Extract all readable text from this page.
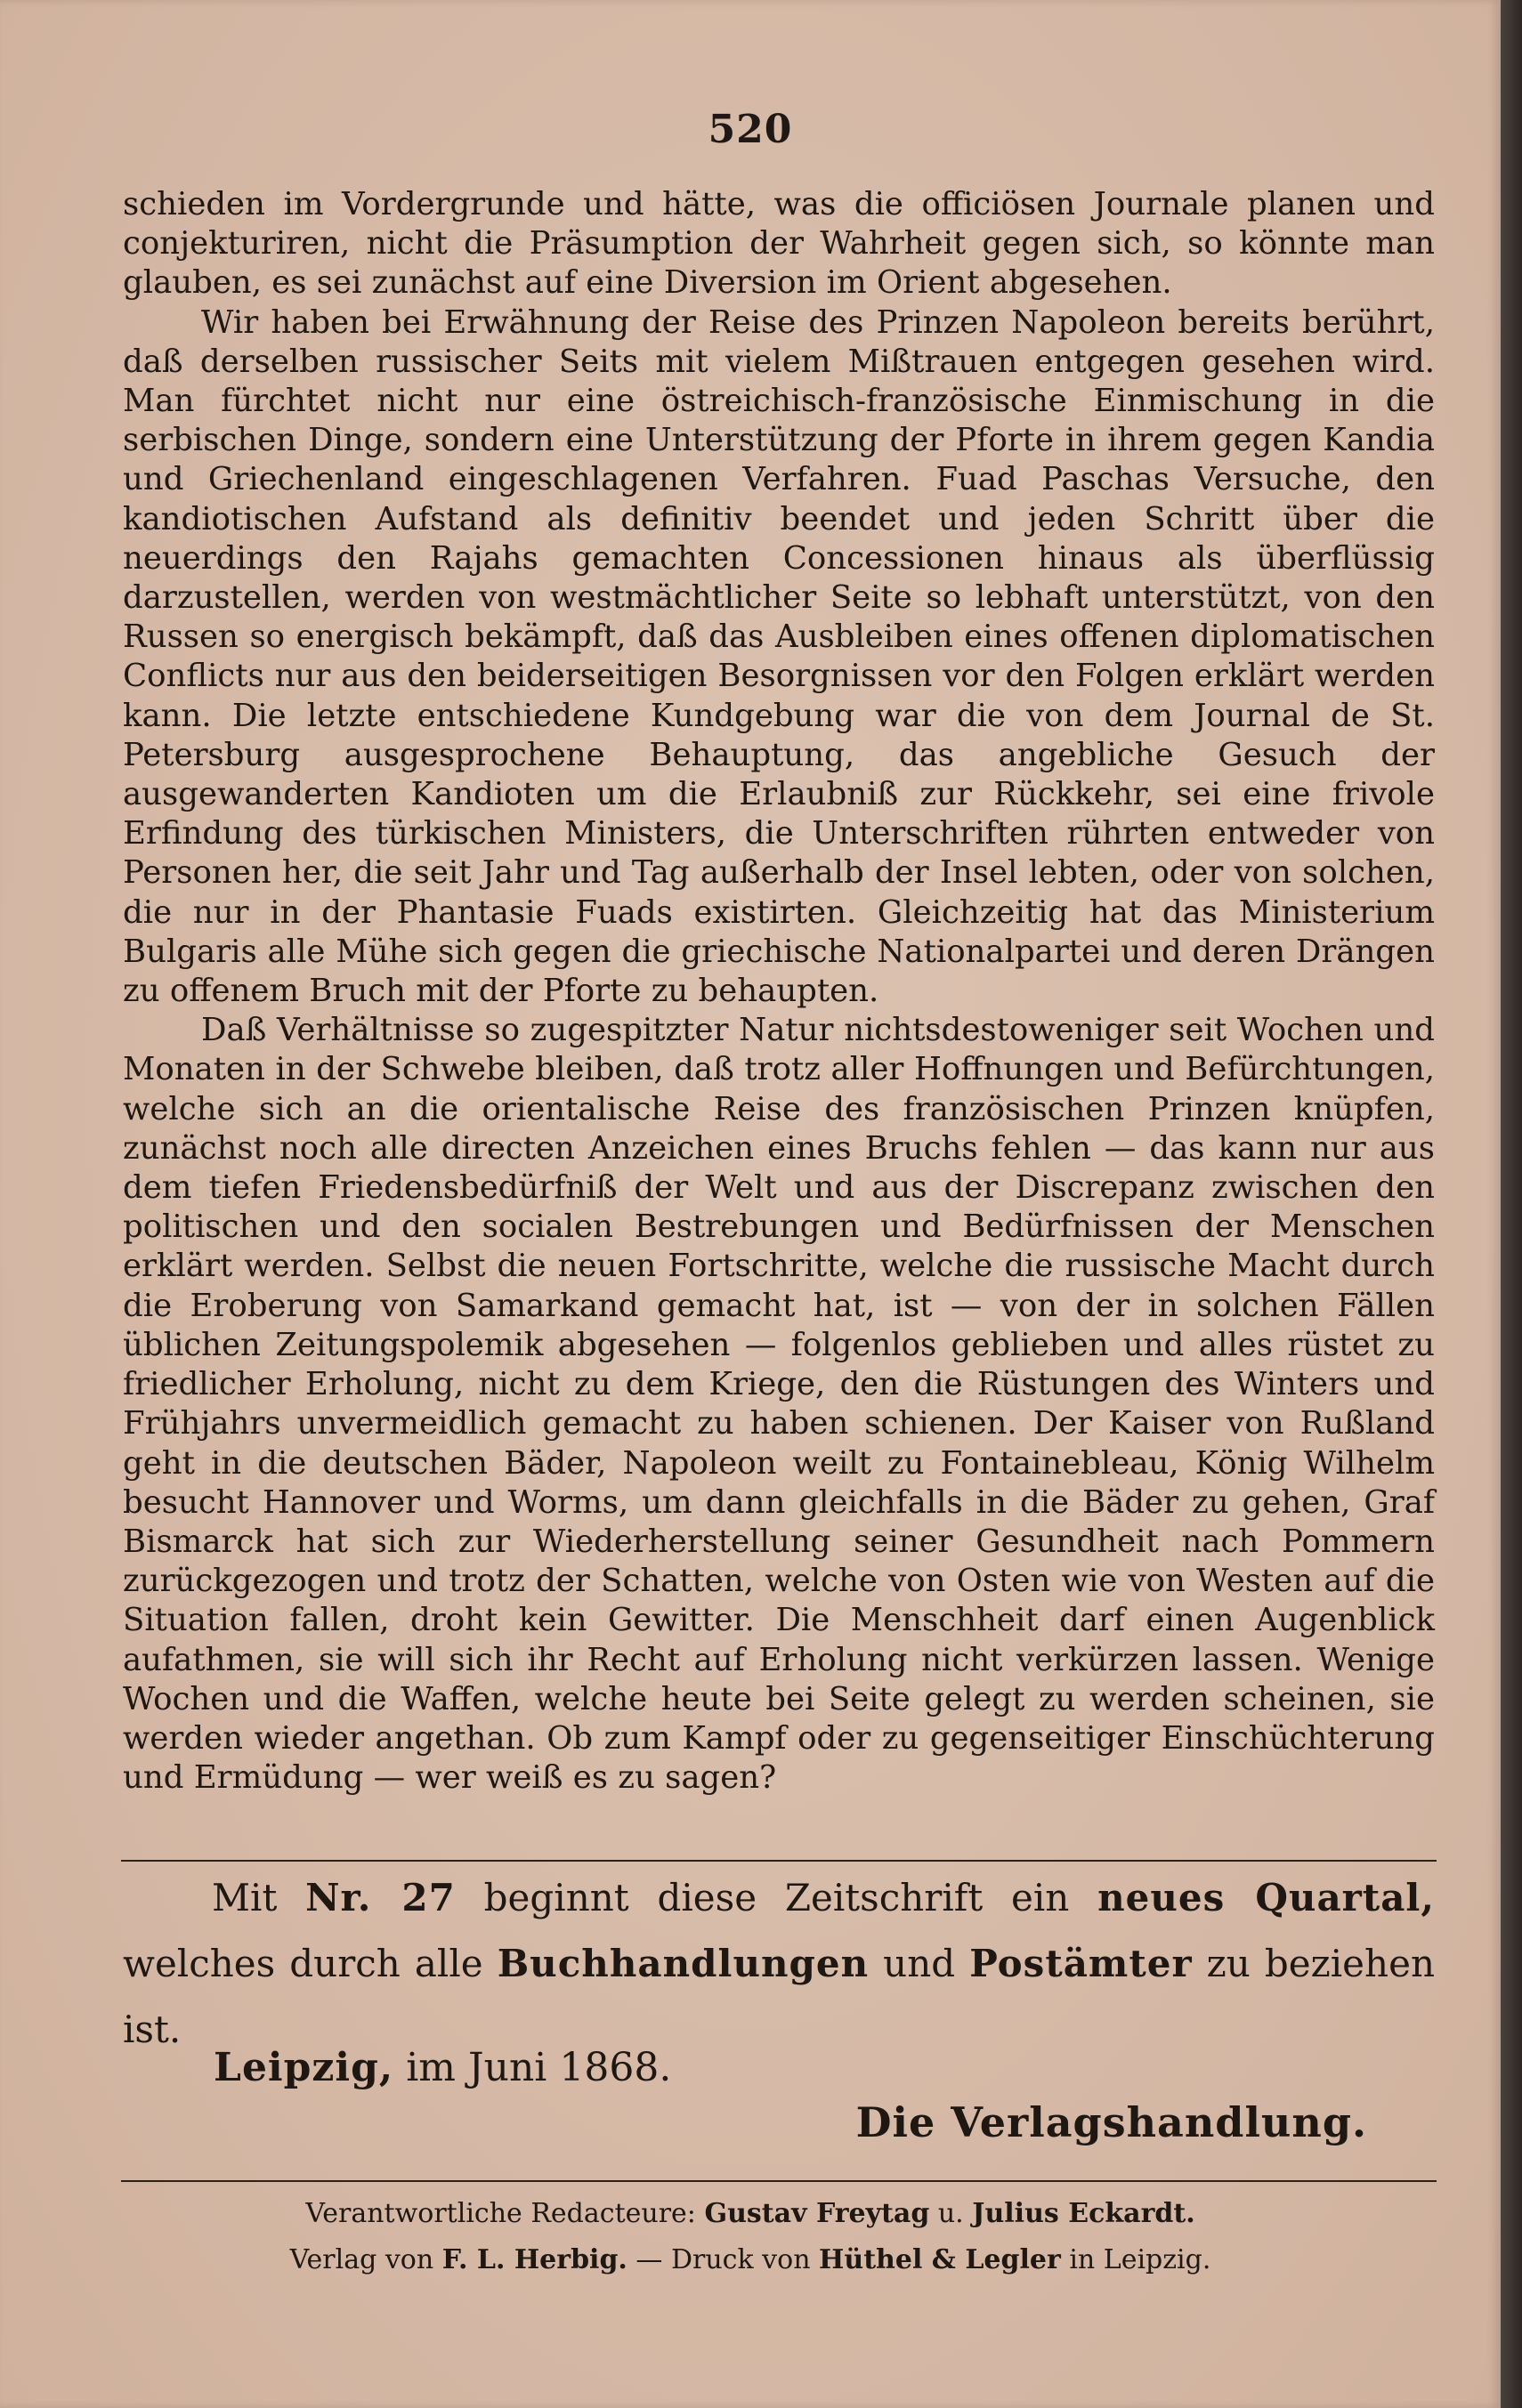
520

schieden im Vordergrunde und hätte, was die officiösen Journale planen und conjekturiren, nicht die Präsumption der Wahrheit gegen sich, so könnte man glauben, es sei zunächst auf eine Diversion im Orient abgesehen.

Wir haben bei Erwähnung der Reise des Prinzen Napoleon bereits berührt, daß derselben russischer Seits mit vielem Mißtrauen entgegen gesehen wird. Man fürchtet nicht nur eine östreichisch-französische Einmischung in die serbischen Dinge, sondern eine Unterstützung der Pforte in ihrem gegen Kandia und Griechenland eingeschlagenen Verfahren. Fuad Paschas Versuche, den kandiotischen Aufstand als definitiv beendet und jeden Schritt über die neuerdings den Rajahs gemachten Concessionen hinaus als überflüssig darzustellen, werden von westmächtlicher Seite so lebhaft unterstützt, von den Russen so energisch bekämpft, daß das Ausbleiben eines offenen diplomatischen Conflicts nur aus den beiderseitigen Besorgnissen vor den Folgen erklärt werden kann. Die letzte entschiedene Kundgebung war die von dem Journal de St. Petersburg ausgesprochene Behauptung, das angebliche Gesuch der ausgewanderten Kandioten um die Erlaubniß zur Rückkehr, sei eine frivole Erfindung des türkischen Ministers, die Unterschriften rührten entweder von Personen her, die seit Jahr und Tag außerhalb der Insel lebten, oder von solchen, die nur in der Phantasie Fuads existirten. Gleichzeitig hat das Ministerium Bulgaris alle Mühe sich gegen die griechische Nationalpartei und deren Drängen zu offenem Bruch mit der Pforte zu behaupten.

Daß Verhältnisse so zugespitzter Natur nichtsdestoweniger seit Wochen und Monaten in der Schwebe bleiben, daß trotz aller Hoffnungen und Befürchtungen, welche sich an die orientalische Reise des französischen Prinzen knüpfen, zunächst noch alle directen Anzeichen eines Bruchs fehlen — das kann nur aus dem tiefen Friedensbedürfniß der Welt und aus der Discrepanz zwischen den politischen und den socialen Bestrebungen und Bedürfnissen der Menschen erklärt werden. Selbst die neuen Fortschritte, welche die russische Macht durch die Eroberung von Samarkand gemacht hat, ist — von der in solchen Fällen üblichen Zeitungspolemik abgesehen — folgenlos geblieben und alles rüstet zu friedlicher Erholung, nicht zu dem Kriege, den die Rüstungen des Winters und Frühjahrs unvermeidlich gemacht zu haben schienen. Der Kaiser von Rußland geht in die deutschen Bäder, Napoleon weilt zu Fontainebleau, König Wilhelm besucht Hannover und Worms, um dann gleichfalls in die Bäder zu gehen, Graf Bismarck hat sich zur Wiederherstellung seiner Gesundheit nach Pommern zurückgezogen und trotz der Schatten, welche von Osten wie von Westen auf die Situation fallen, droht kein Gewitter. Die Menschheit darf einen Augenblick aufathmen, sie will sich ihr Recht auf Erholung nicht verkürzen lassen. Wenige Wochen und die Waffen, welche heute bei Seite gelegt zu werden scheinen, sie werden wieder angethan. Ob zum Kampf oder zu gegenseitiger Einschüchterung und Ermüdung — wer weiß es zu sagen?

Mit Nr. 27 beginnt diese Zeitschrift ein neues Quartal, welches durch alle Buchhandlungen und Postämter zu beziehen ist.

Leipzig, im Juni 1868.
Die Verlagshandlung.
Verantwortliche Redacteure: Gustav Freytag u. Julius Eckardt.
Verlag von F. L. Herbig. — Druck von Hüthel & Legler in Leipzig.
